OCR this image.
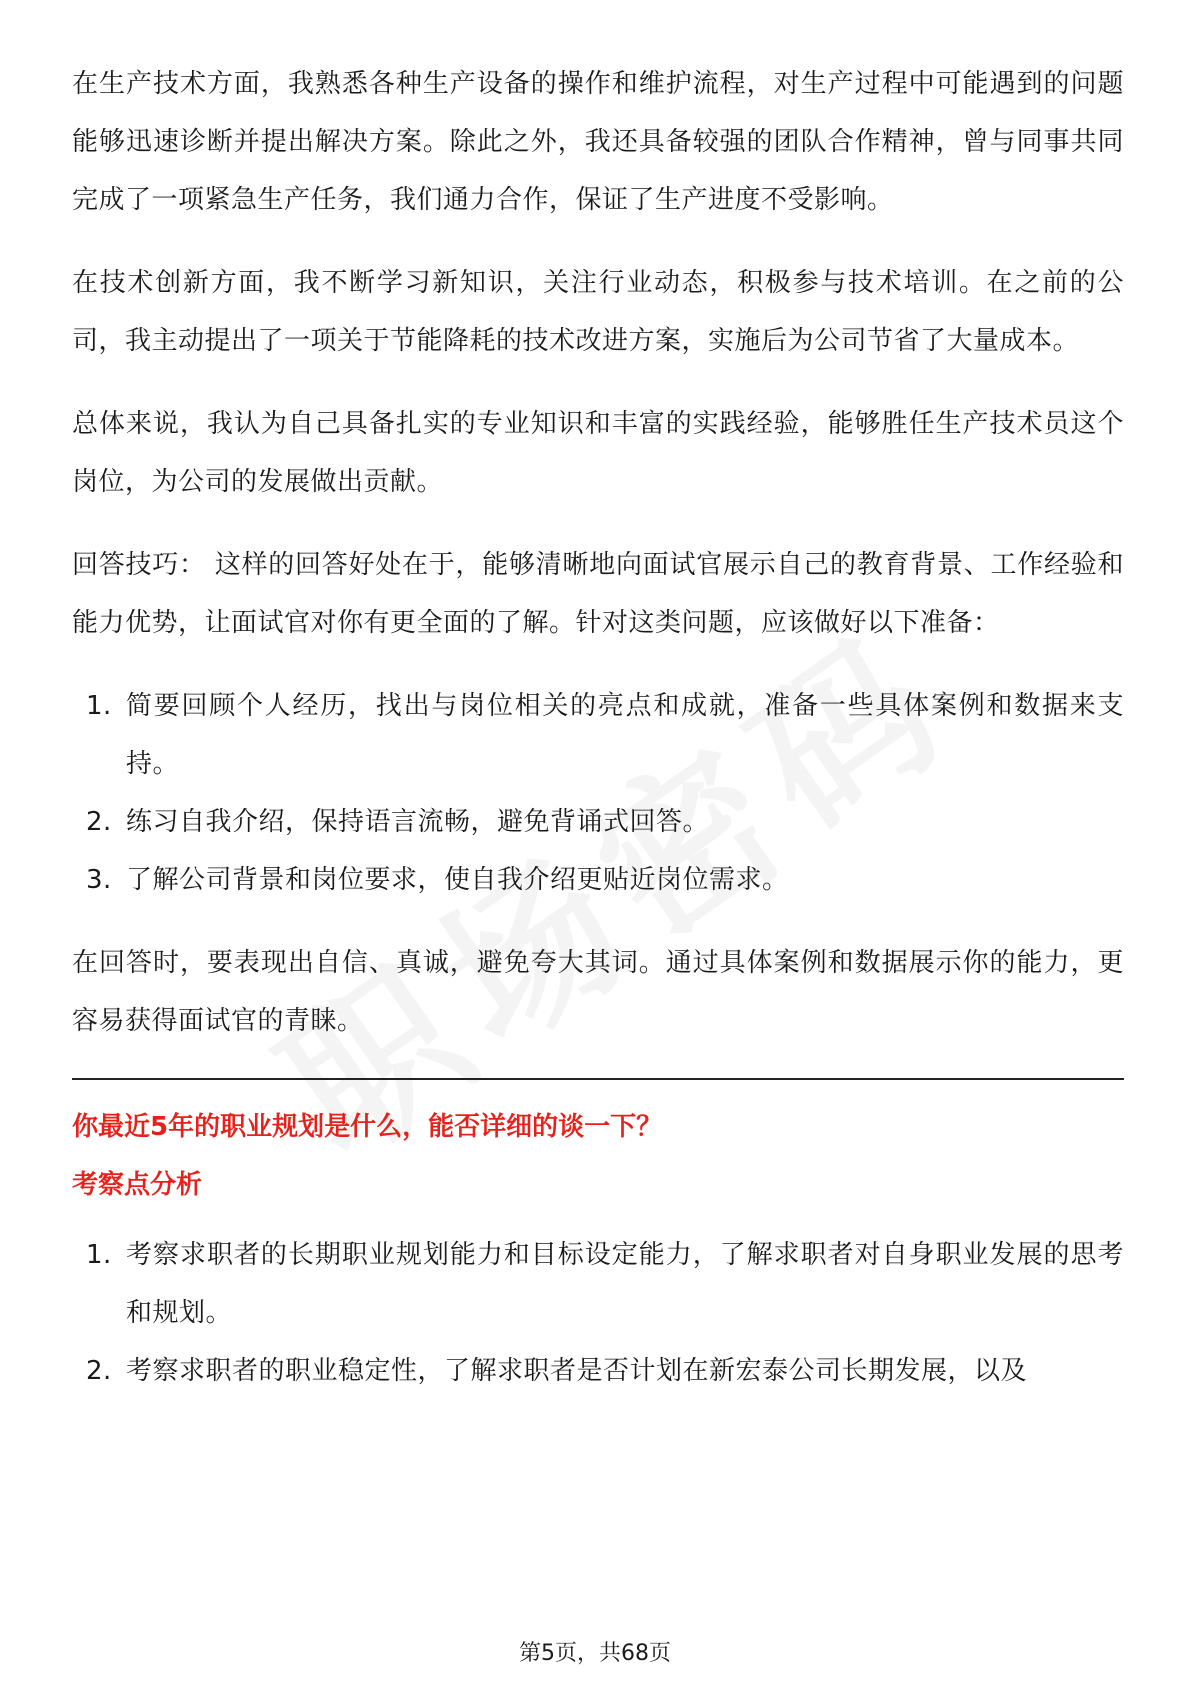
在生产技术方面，我熟悉各种生产设备的操作和维护流程，对生产过程中可能遇到的问题能够迅速诊断并提出解决方案。除此之外，我还具备较强的团队合作精神，曾与同事共同完成了一项紧急生产任务，我们通力合作，保证了生产进度不受影响。

在技术创新方面，我不断学习新知识，关注行业动态，积极参与技术培训。在之前的公司，我主动提出了一项关于节能降耗的技术改进方案，实施后为公司节省了大量成本。

总体来说，我认为自己具备扎实的专业知识和丰富的实践经验，能够胜任生产技术员这个岗位，为公司的发展做出贡献。

回答技巧： 这样的回答好处在于，能够清晰地向面试官展示自己的教育背景、工作经验和能力优势，让面试官对你有更全面的了解。针对这类问题，应该做好以下准备：

1. 简要回顾个人经历，找出与岗位相关的亮点和成就，准备一些具体案例和数据来支持。
2. 练习自我介绍，保持语言流畅，避免背诵式回答。
3. 了解公司背景和岗位要求，使自我介绍更贴近岗位需求。

在回答时，要表现出自信、真诚，避免夸大其词。通过具体案例和数据展示你的能力，更容易获得面试官的青睐。

你最近5年的职业规划是什么，能否详细的谈一下？

考察点分析

1. 考察求职者的长期职业规划能力和目标设定能力，了解求职者对自身职业发展的思考和规划。
2. 考察求职者的职业稳定性，了解求职者是否计划在新宏泰公司长期发展，以及
第5页，共68页
